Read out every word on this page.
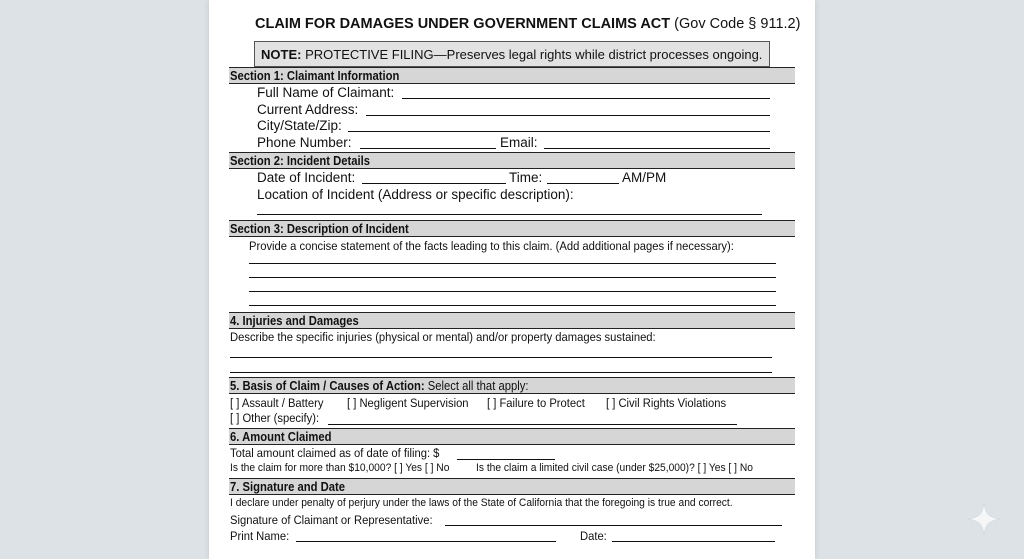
CLAIM FOR DAMAGES UNDER GOVERNMENT CLAIMS ACT (Gov Code § 911.2)
NOTE: PROTECTIVE FILING—Preserves legal rights while district processes ongoing.
Section 1: Claimant Information
Full Name of Claimant:
Current Address:
City/State/Zip:
Phone Number:	Email:
Section 2: Incident Details
Date of Incident:	Time:	AM/PM
Location of Incident (Address or specific description):
Section 3: Description of Incident
Provide a concise statement of the facts leading to this claim. (Add additional pages if necessary):
4. Injuries and Damages
Describe the specific injuries (physical or mental) and/or property damages sustained:
5. Basis of Claim / Causes of Action: Select all that apply:
[ ] Assault / Battery [ ] Negligent Supervision [ ] Failure to Protect [ ] Civil Rights Violations
[ ] Other (specify):
6. Amount Claimed
Total amount claimed as of date of filing: $
Is the claim for more than $10,000? [ ] Yes [ ] No Is the claim a limited civil case (under $25,000)? [ ] Yes [ ] No
7. Signature and Date
I declare under penalty of perjury under the laws of the State of California that the foregoing is true and correct.
Signature of Claimant or Representative:
Print Name:	Date:
